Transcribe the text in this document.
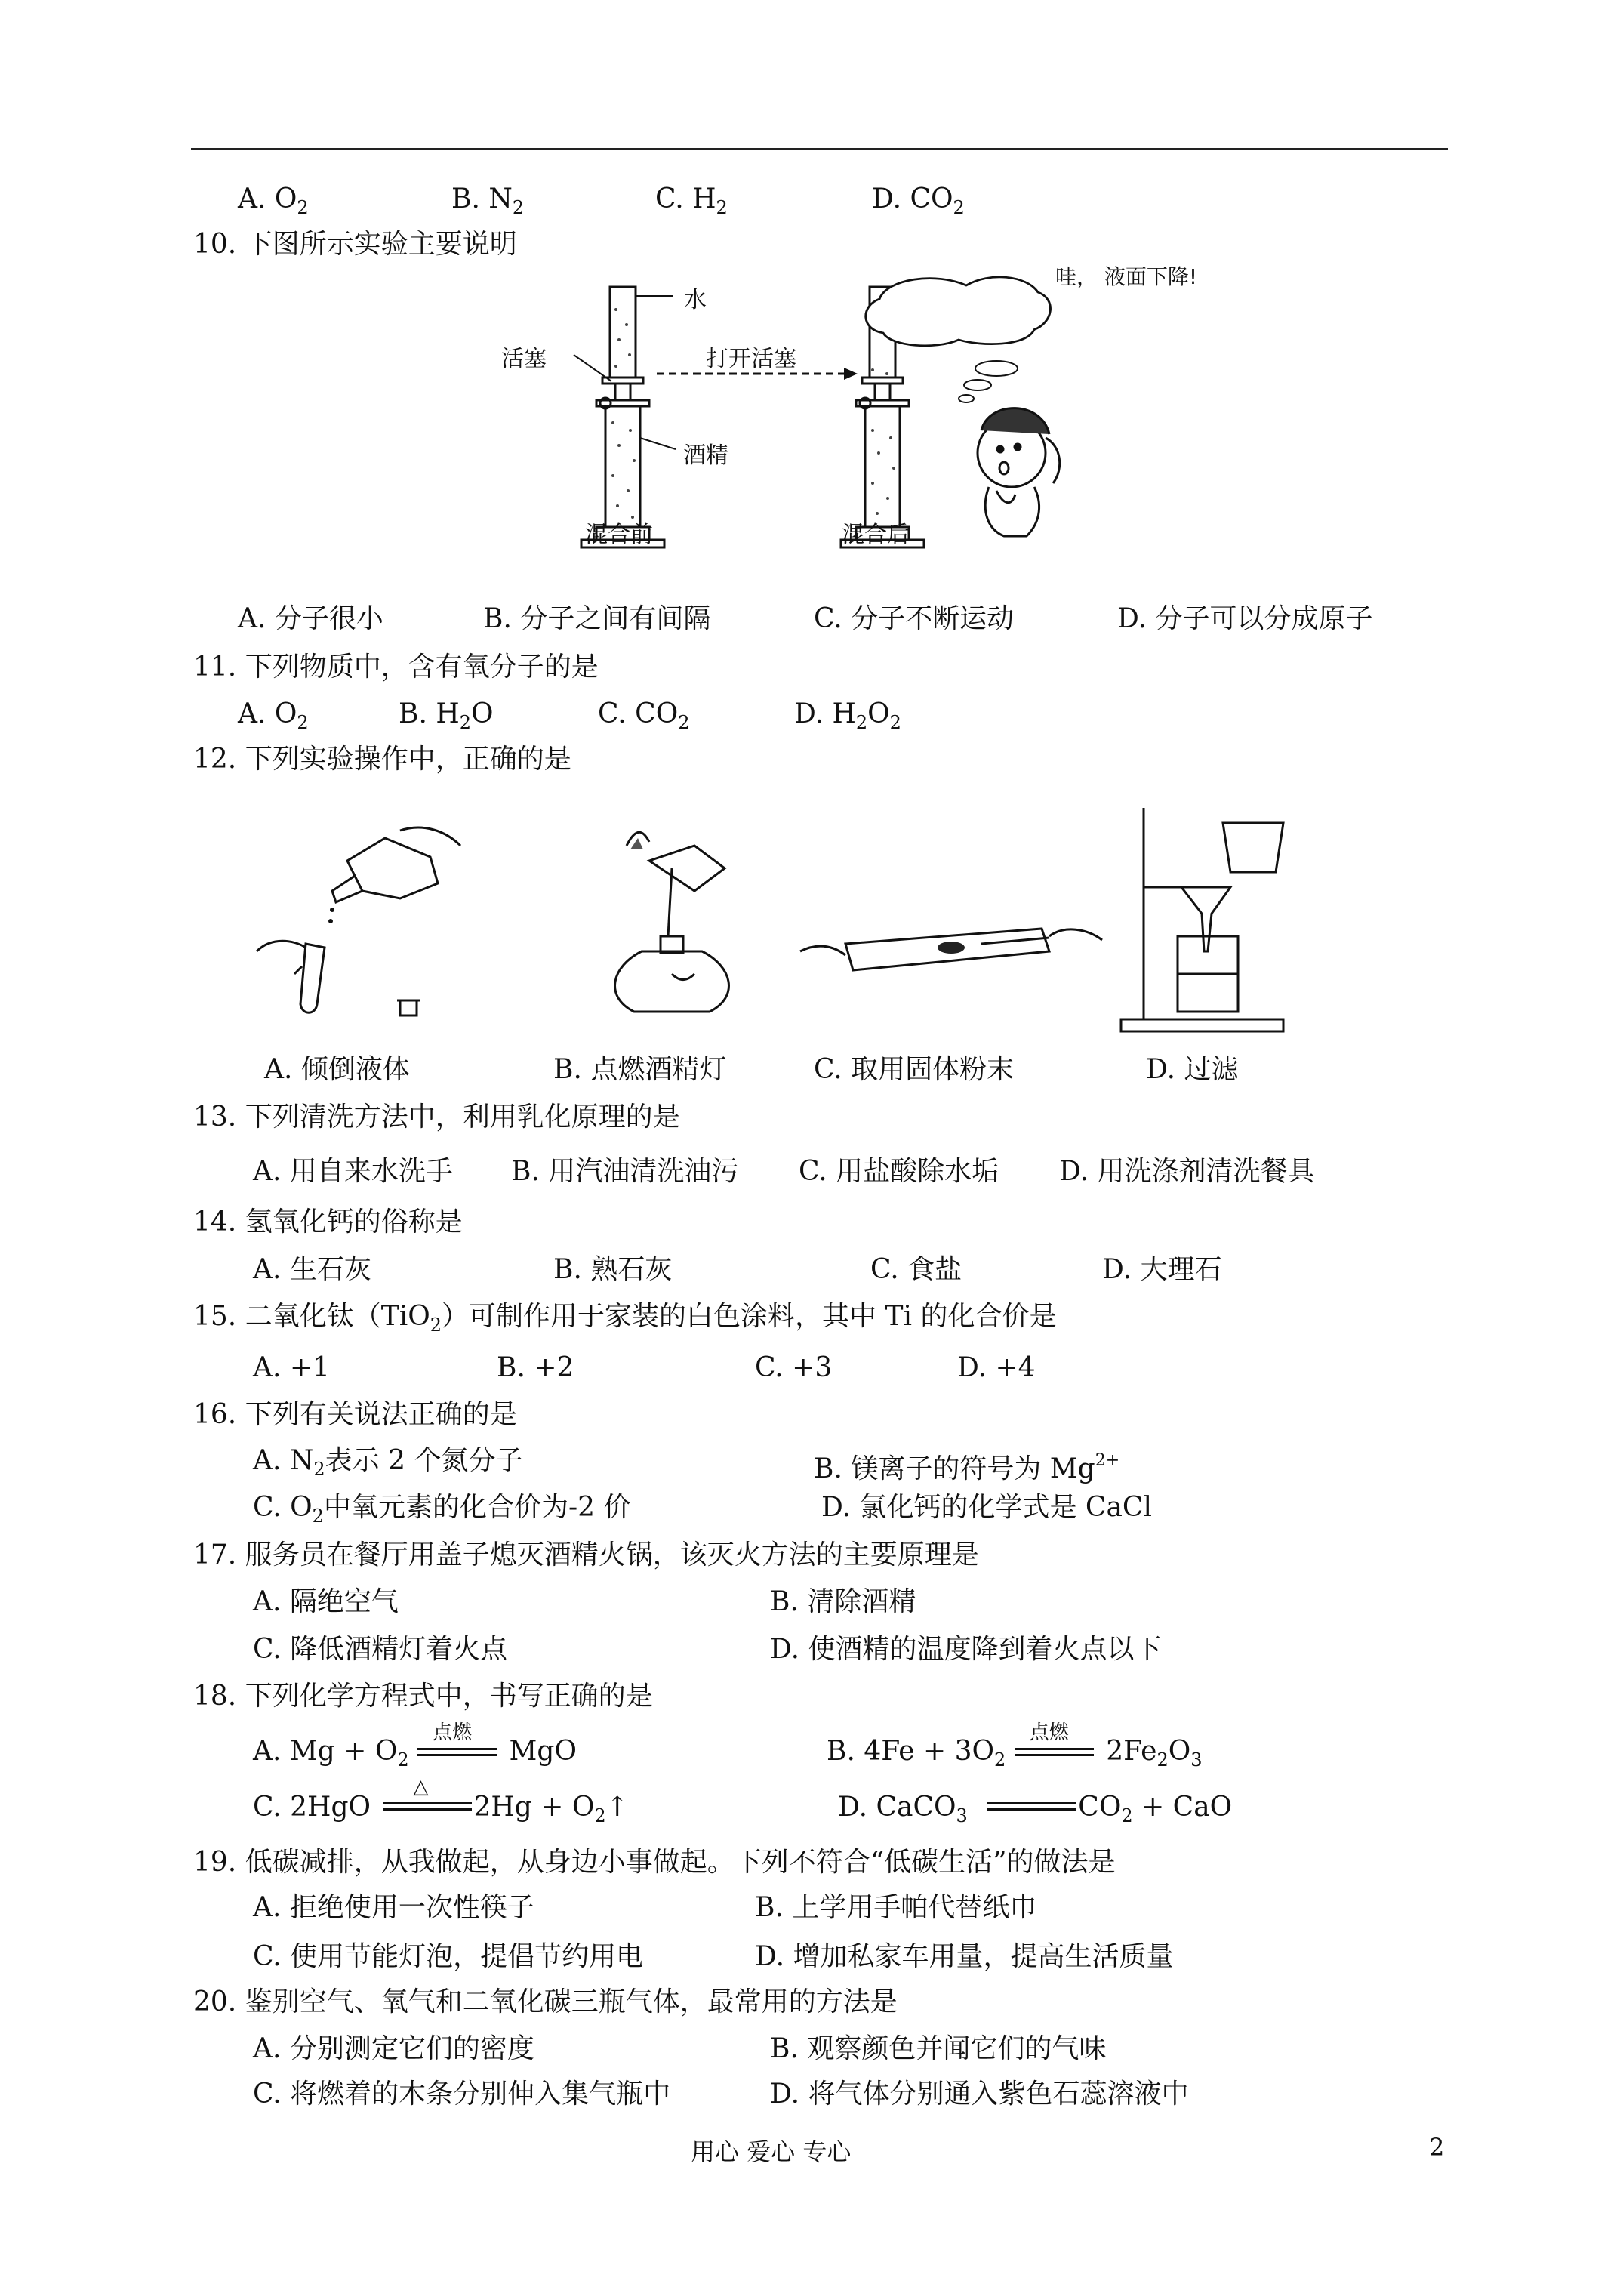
A. $O_2$	B. $N_2$	C. $H_2$	D. $CO_2$
10. 下图所示实验主要说明
水
活塞	打开活塞
酒精
混合前	混合后
哇， 液面下降!
A. 分子很小	B. 分子之间有间隔	C. 分子不断运动	D. 分子可以分成原子
11. 下列物质中，含有氧分子的是
A. $O_2$	B. $H_2O$	C. $CO_2$	D. $H_2O_2$
12. 下列实验操作中，正确的是
A. 倾倒液体	B. 点燃酒精灯	C. 取用固体粉末	D. 过滤
13. 下列清洗方法中，利用乳化原理的是
A. 用自来水洗手 B. 用汽油清洗油污 C. 用盐酸除水垢 D. 用洗涤剂清洗餐具
14. 氢氧化钙的俗称是
A. 生石灰	B. 熟石灰	C. 食盐	D. 大理石
15. 二氧化钛（TiO$_2$）可制作用于家装的白色涂料，其中 Ti 的化合价是
A. +1	B. +2	C. +3	D. +4
16. 下列有关说法正确的是
A. $N_2$表示 2 个氮分子	B. 镁离子的符号为 $Mg^{2+}$
C. $O_2$中氧元素的化合价为-2 价	D. 氯化钙的化学式是 CaCl
17. 服务员在餐厅用盖子熄灭酒精火锅，该灭火方法的主要原理是
A. 隔绝空气	B. 清除酒精
C. 降低酒精灯着火点	D. 使酒精的温度降到着火点以下
18. 下列化学方程式中，书写正确的是
A. $Mg + O_2$
点燃
MgO	B. $4Fe + 3O_2$
点燃
$2Fe_2O_3$
C. 2HgO
△
$2Hg + O_2↑$	D. CaCO$_3$	$CO_2$ + CaO
19. 低碳减排，从我做起，从身边小事做起。下列不符合“低碳生活”的做法是
A. 拒绝使用一次性筷子	B. 上学用手帕代替纸巾
C. 使用节能灯泡，提倡节约用电	D. 增加私家车用量，提高生活质量
20. 鉴别空气、氧气和二氧化碳三瓶气体，最常用的方法是
A. 分别测定它们的密度	B. 观察颜色并闻它们的气味
C. 将燃着的木条分别伸入集气瓶中	D. 将气体分别通入紫色石蕊溶液中
用心 爱心 专心	2
